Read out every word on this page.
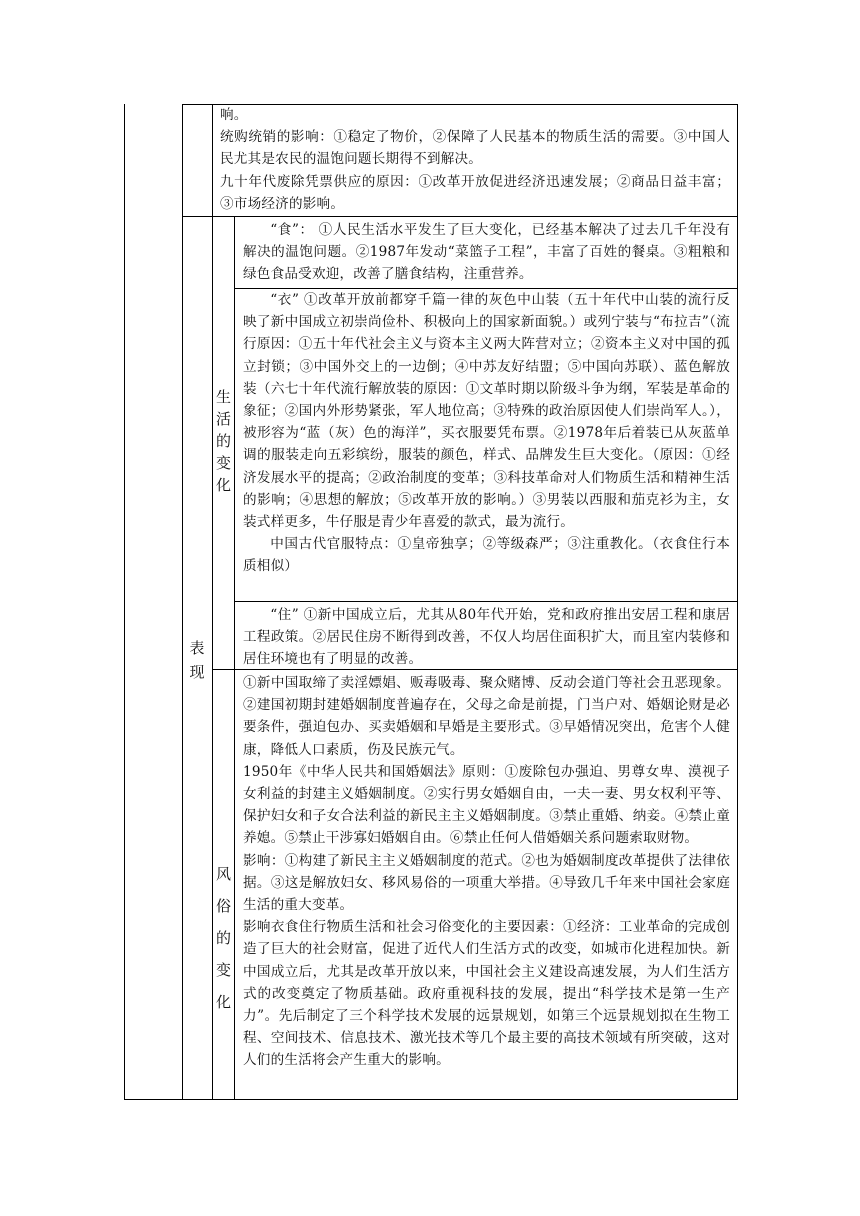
响。

统购统销的影响：①稳定了物价，②保障了人民基本的物质生活的需要。③中国人民尤其是农民的温饱问题长期得不到解决。

九十年代废除凭票供应的原因：①改革开放促进经济迅速发展；②商品日益丰富；③市场经济的影响。

表现
生
活
的
变
化

“食”： ①人民生活水平发生了巨大变化，已经基本解决了过去几千年没有解决的温饱问题。②1987年发动“菜篮子工程”，丰富了百姓的餐桌。③粗粮和绿色食品受欢迎，改善了膳食结构，注重营养。

“衣” ①改革开放前都穿千篇一律的灰色中山装（五十年代中山装的流行反映了新中国成立初崇尚俭朴、积极向上的国家新面貌。）或列宁装与“布拉吉”（流行原因：①五十年代社会主义与资本主义两大阵营对立；②资本主义对中国的孤立封锁；③中国外交上的一边倒；④中苏友好结盟；⑤中国向苏联）、蓝色解放装（六七十年代流行解放装的原因：①文革时期以阶级斗争为纲，军装是革命的象征；②国内外形势紧张，军人地位高；③特殊的政治原因使人们崇尚军人。），被形容为“蓝（灰）色的海洋”，买衣服要凭布票。②1978年后着装已从灰蓝单调的服装走向五彩缤纷，服装的颜色，样式、品牌发生巨大变化。（原因：①经济发展水平的提高；②政治制度的变革；③科技革命对人们物质生活和精神生活的影响；④思想的解放；⑤改革开放的影响。）③男装以西服和茄克衫为主，女装式样更多，牛仔服是青少年喜爱的款式，最为流行。

中国古代官服特点：①皇帝独享；②等级森严；③注重教化。（衣食住行本质相似）

“住” ①新中国成立后，尤其从80年代开始，党和政府推出安居工程和康居工程政策。②居民住房不断得到改善，不仅人均居住面积扩大，而且室内装修和居住环境也有了明显的改善。

风
俗
的
变
化

①新中国取缔了卖淫嫖娼、贩毒吸毒、聚众赌博、反动会道门等社会丑恶现象。②建国初期封建婚姻制度普遍存在，父母之命是前提，门当户对、婚姻论财是必要条件，强迫包办、买卖婚姻和早婚是主要形式。③早婚情况突出，危害个人健康，降低人口素质，伤及民族元气。

1950年《中华人民共和国婚姻法》原则：①废除包办强迫、男尊女卑、漠视子女利益的封建主义婚姻制度。②实行男女婚姻自由，一夫一妻、男女权利平等、保护妇女和子女合法利益的新民主主义婚姻制度。③禁止重婚、纳妾。④禁止童养媳。⑤禁止干涉寡妇婚姻自由。⑥禁止任何人借婚姻关系问题索取财物。

影响：①构建了新民主主义婚姻制度的范式。②也为婚姻制度改革提供了法律依据。③这是解放妇女、移风易俗的一项重大举措。④导致几千年来中国社会家庭生活的重大变革。

影响衣食住行物质生活和社会习俗变化的主要因素：①经济：工业革命的完成创造了巨大的社会财富，促进了近代人们生活方式的改变，如城市化进程加快。新中国成立后，尤其是改革开放以来，中国社会主义建设高速发展，为人们生活方式的改变奠定了物质基础。政府重视科技的发展，提出“科学技术是第一生产力”。先后制定了三个科学技术发展的远景规划，如第三个远景规划拟在生物工程、空间技术、信息技术、激光技术等几个最主要的高技术领域有所突破，这对人们的生活将会产生重大的影响。
